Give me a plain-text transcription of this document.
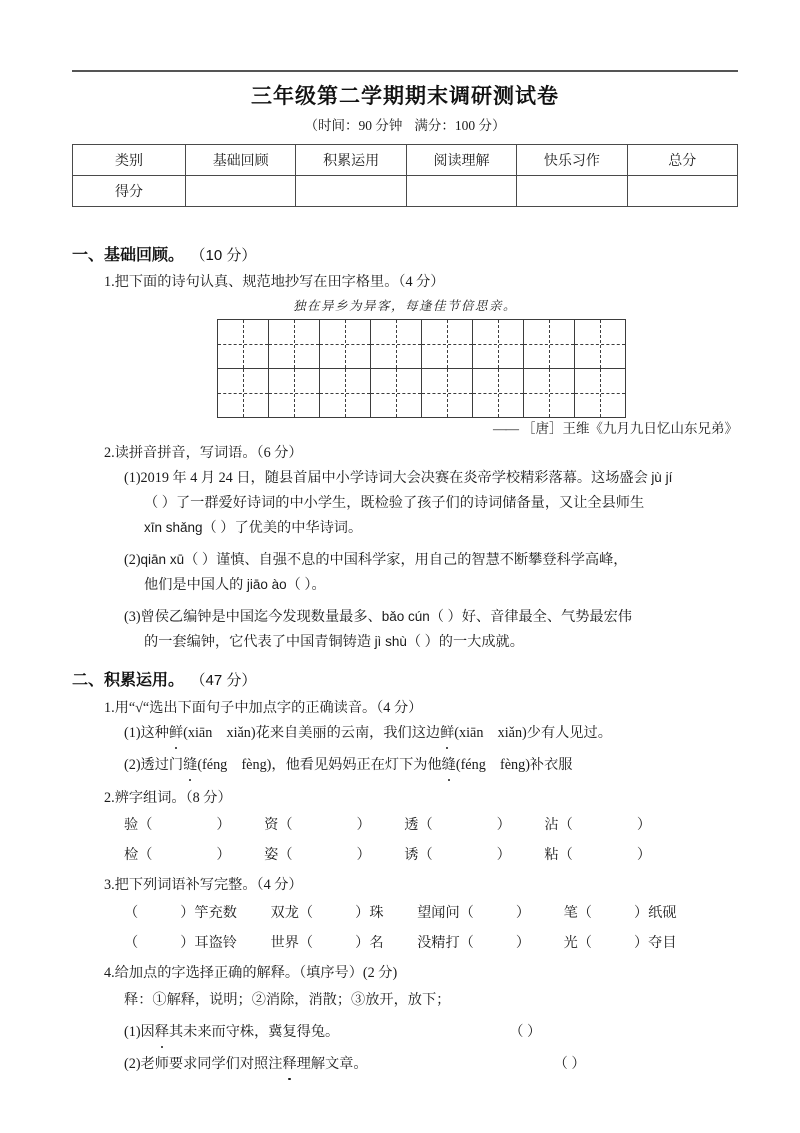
三年级第二学期期末调研测试卷
（时间：90 分钟 满分：100 分）
类别	基础回顾	积累运用	阅读理解	快乐习作	总分
得分					
一、基础回顾。 （10 分）
1.把下面的诗句认真、规范地抄写在田字格里。（4 分）
独在异乡为异客，每逢佳节倍思亲。

—— ［唐］王维《九月九日忆山东兄弟》
2.读拼音拼音，写词语。（6 分）
(1)2019 年 4 月 24 日，随县首届中小学诗词大会决赛在炎帝学校精彩落幕。这场盛会 jù jí
（ ）了一群爱好诗词的中小学生，既检验了孩子们的诗词储备量，又让全县师生
xīn shǎng（ ）了优美的中华诗词。
(2)qiān xū（ ）谨慎、自强不息的中国科学家，用自己的智慧不断攀登科学高峰，
他们是中国人的 jiāo ào（ ）。
(3)曾侯乙编钟是中国迄今发现数量最多、bǎo cún（ ）好、音律最全、气势最宏伟
的一套编钟，它代表了中国青铜铸造 jì shù（ ）的一大成就。
二、积累运用。 （47 分）
1.用“√“选出下面句子中加点字的正确读音。（4 分）
(1)这种鲜(xiān　xiǎn)花来自美丽的云南，我们这边鲜(xiān　xiǎn)少有人见过。
(2)透过门缝(féng　fèng)，他看见妈妈正在灯下为他缝(féng　fèng)补衣服
2.辨字组词。（8 分）
验（	） 资（	） 透（	） 沾（	）
检（	） 姿（	） 诱（	） 粘（	）
3.把下列词语补写完整。（4 分）
（	）竽充数 双龙（	）珠 望闻问（	） 笔（	）纸砚
（	）耳盗铃 世界（	）名 没精打（	） 光（	）夺目
4.给加点的字选择正确的解释。（填序号）(2 分)
释：①解释，说明；②消除，消散；③放开，放下；
(1)因释其未来而守株，冀复得兔。	（ ）
(2)老师要求同学们对照注释理解文章。	（ ）
